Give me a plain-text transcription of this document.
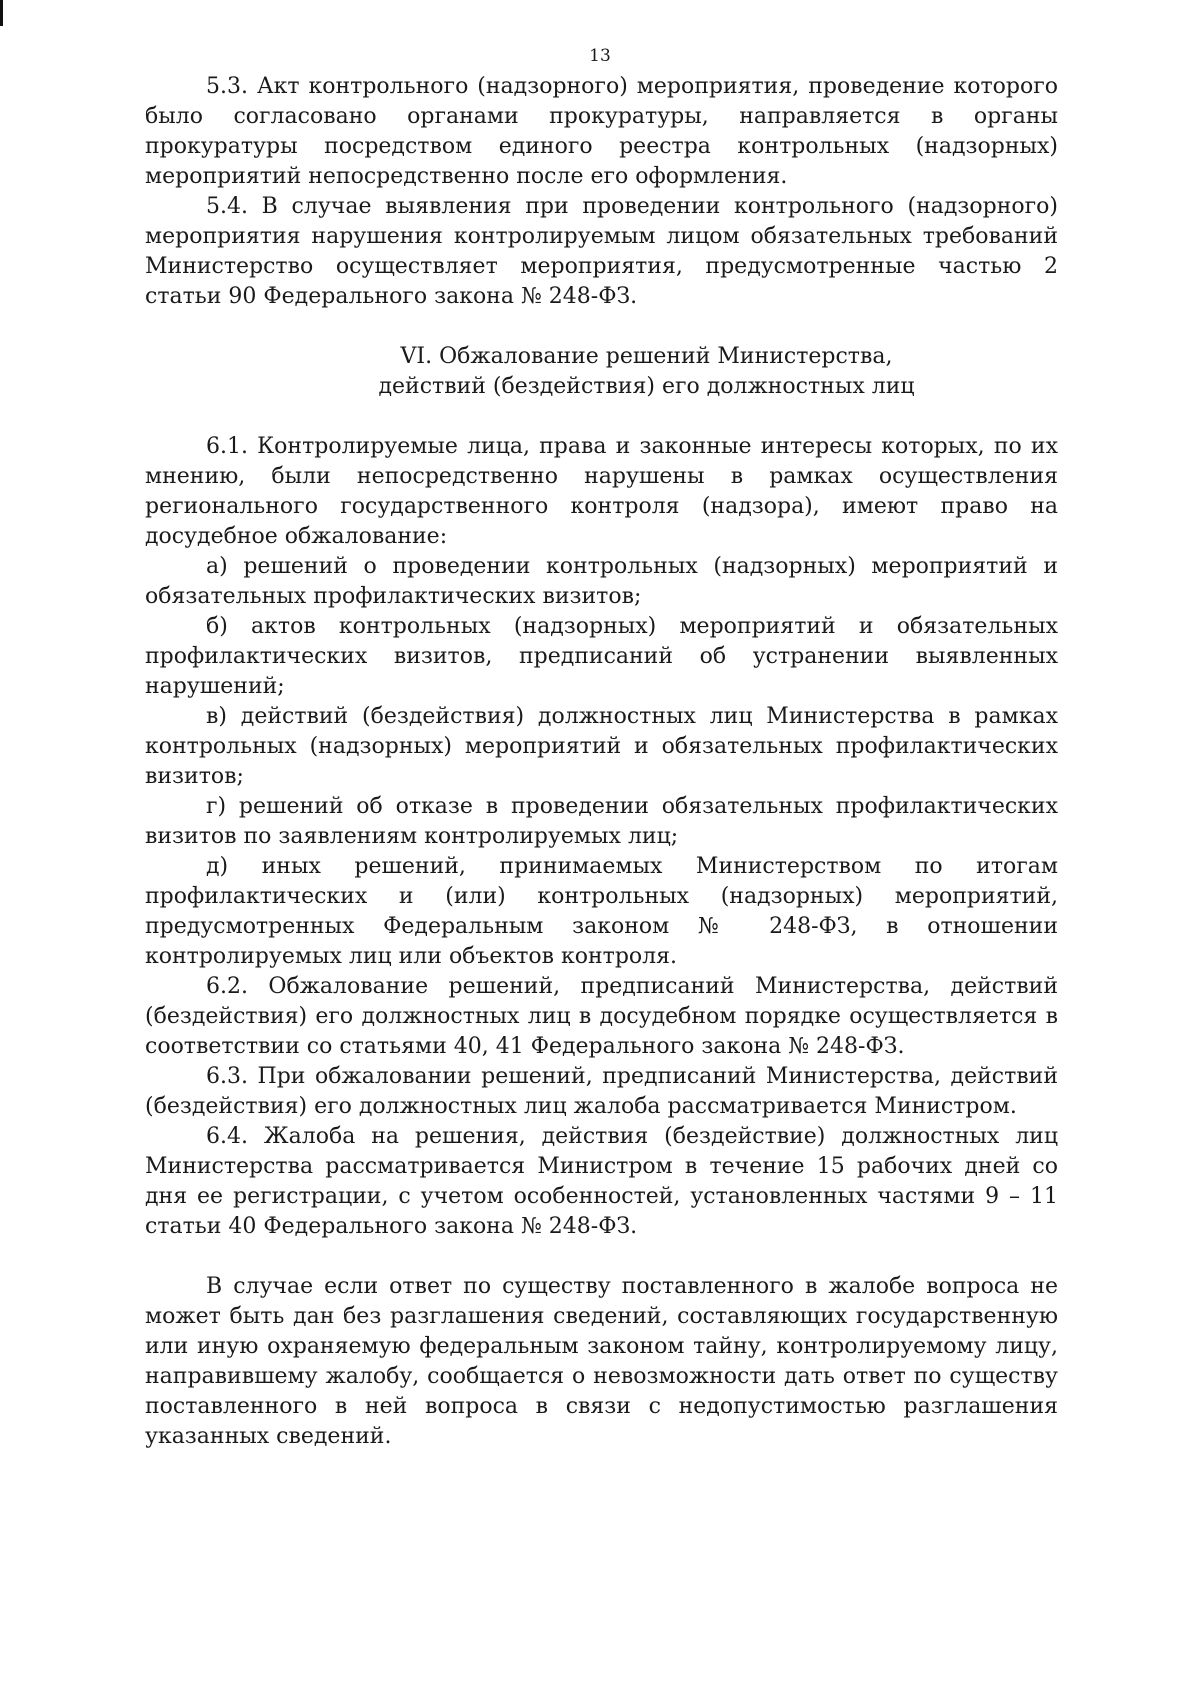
13

5.3. Акт контрольного (надзорного) мероприятия, проведение которого было согласовано органами прокуратуры, направляется в органы прокуратуры посредством единого реестра контрольных (надзорных) мероприятий непосредственно после его оформления.

5.4. В случае выявления при проведении контрольного (надзорного) мероприятия нарушения контролируемым лицом обязательных требований Министерство осуществляет мероприятия, предусмотренные частью 2 статьи 90 Федерального закона № 248-ФЗ.

VI. Обжалование решений Министерства,
действий (бездействия) его должностных лиц

6.1. Контролируемые лица, права и законные интересы которых, по их мнению, были непосредственно нарушены в рамках осуществления регионального государственного контроля (надзора), имеют право на досудебное обжалование:

а) решений о проведении контрольных (надзорных) мероприятий и обязательных профилактических визитов;

б) актов контрольных (надзорных) мероприятий и обязательных профилактических визитов, предписаний об устранении выявленных нарушений;

в) действий (бездействия) должностных лиц Министерства в рамках контрольных (надзорных) мероприятий и обязательных профилактических визитов;

г) решений об отказе в проведении обязательных профилактических визитов по заявлениям контролируемых лиц;

д) иных решений, принимаемых Министерством по итогам профилактических и (или) контрольных (надзорных) мероприятий, предусмотренных Федеральным законом № 248-ФЗ, в отношении контролируемых лиц или объектов контроля.

6.2. Обжалование решений, предписаний Министерства, действий (бездействия) его должностных лиц в досудебном порядке осуществляется в соответствии со статьями 40, 41 Федерального закона № 248-ФЗ.

6.3. При обжаловании решений, предписаний Министерства, действий (бездействия) его должностных лиц жалоба рассматривается Министром.

6.4. Жалоба на решения, действия (бездействие) должностных лиц Министерства рассматривается Министром в течение 15 рабочих дней со дня ее регистрации, с учетом особенностей, установленных частями 9 – 11 статьи 40 Федерального закона № 248-ФЗ.

В случае если ответ по существу поставленного в жалобе вопроса не может быть дан без разглашения сведений, составляющих государственную или иную охраняемую федеральным законом тайну, контролируемому лицу, направившему жалобу, сообщается о невозможности дать ответ по существу поставленного в ней вопроса в связи с недопустимостью разглашения указанных сведений.
